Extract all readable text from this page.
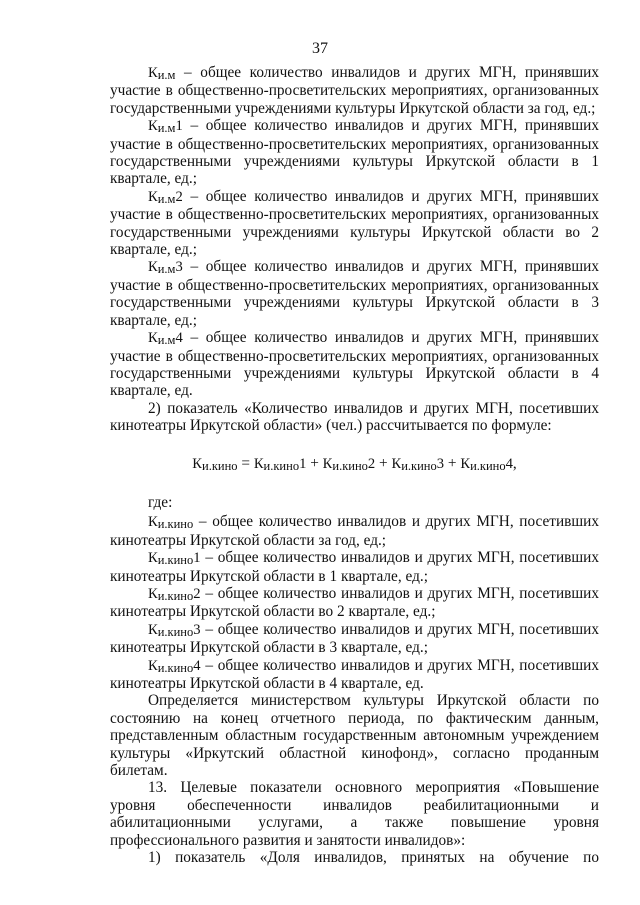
37

$К_{и.м}$ – общее количество инвалидов и других МГН, принявших участие в общественно-просветительских мероприятиях, организованных государственными учреждениями культуры Иркутской области за год, ед.;

$К_{и.м}1$ – общее количество инвалидов и других МГН, принявших участие в общественно-просветительских мероприятиях, организованных государственными учреждениями культуры Иркутской области в 1 квартале, ед.;

$К_{и.м}2$ – общее количество инвалидов и других МГН, принявших участие в общественно-просветительских мероприятиях, организованных государственными учреждениями культуры Иркутской области во 2 квартале, ед.;

$К_{и.м}3$ – общее количество инвалидов и других МГН, принявших участие в общественно-просветительских мероприятиях, организованных государственными учреждениями культуры Иркутской области в 3 квартале, ед.;

$К_{и.м}4$ – общее количество инвалидов и других МГН, принявших участие в общественно-просветительских мероприятиях, организованных государственными учреждениями культуры Иркутской области в 4 квартале, ед.

2) показатель «Количество инвалидов и других МГН, посетивших кинотеатры Иркутской области» (чел.) рассчитывается по формуле:

$К_{и.кино} = К_{и.кино}1 + К_{и.кино}2 + К_{и.кино}3 + К_{и.кино}4$,

где:

$К_{и.кино}$ – общее количество инвалидов и других МГН, посетивших кинотеатры Иркутской области за год, ед.;

$К_{и.кино}1$ – общее количество инвалидов и других МГН, посетивших кинотеатры Иркутской области в 1 квартале, ед.;

$К_{и.кино}2$ – общее количество инвалидов и других МГН, посетивших кинотеатры Иркутской области во 2 квартале, ед.;

$К_{и.кино}3$ – общее количество инвалидов и других МГН, посетивших кинотеатры Иркутской области в 3 квартале, ед.;

$К_{и.кино}4$ – общее количество инвалидов и других МГН, посетивших кинотеатры Иркутской области в 4 квартале, ед.

Определяется министерством культуры Иркутской области по состоянию на конец отчетного периода, по фактическим данным, представленным областным государственным автономным учреждением культуры «Иркутский областной кинофонд», согласно проданным билетам.

13. Целевые показатели основного мероприятия «Повышение уровня обеспеченности инвалидов реабилитационными и абилитационными услугами, а также повышение уровня профессионального развития и занятости инвалидов»:

1) показатель «Доля инвалидов, принятых на обучение по
